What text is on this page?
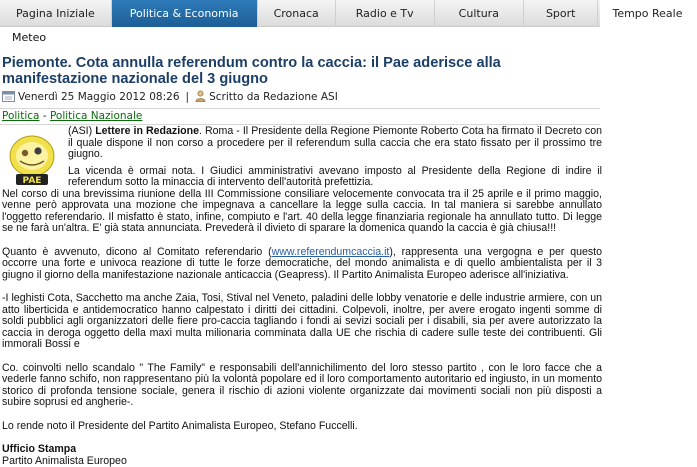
Pagina Iniziale	Politica & Economia	Cronaca	Radio e Tv	Cultura	Sport	Tempo Reale
Meteo
Piemonte. Cota annulla referendum contro la caccia: il Pae aderisce alla manifestazione nazionale del 3 giugno
Venerdì 25 Maggio 2012 08:26 | Scritto da Redazione ASI
Politica - Politica Nazionale
PAE

(ASI) Lettere in Redazione. Roma - Il Presidente della Regione Piemonte Roberto Cota ha firmato il Decreto con il quale dispone il non corso a procedere per il referendum sulla caccia che era stato fissato per il prossimo tre giugno.

La vicenda è ormai nota. I Giudici amministrativi avevano imposto al Presidente della Regione di indire il referendum sotto la minaccia di intervento dell'autorità prefettizia.

Nel corso di una brevissima riunione della III Commissione consiliare velocemente convocata tra il 25 aprile e il primo maggio, venne però approvata una mozione che impegnava a cancellare la legge sulla caccia. In tal maniera si sarebbe annullato l'oggetto referendario. Il misfatto è stato, infine, compiuto e l'art. 40 della legge finanziaria regionale ha annullato tutto. Di legge se ne farà un'altra. E' già stata annunciata. Prevederà il divieto di sparare la domenica quando la caccia è già chiusa!!!

Quanto è avvenuto, dicono al Comitato referendario (www.referendumcaccia.it), rappresenta una vergogna e per questo occorre una forte e univoca reazione di tutte le forze democratiche, del mondo animalista e di quello ambientalista per il 3 giugno il giorno della manifestazione nazionale anticaccia (Geapress). Il Partito Animalista Europeo aderisce all'iniziativa.

-I leghisti Cota, Sacchetto ma anche Zaia, Tosi, Stival nel Veneto, paladini delle lobby venatorie e delle industrie armiere, con un atto liberticida e antidemocratico hanno calpestato i diritti dei cittadini. Colpevoli, inoltre, per avere erogato ingenti somme di soldi pubblici agli organizzatori delle fiere pro-caccia tagliando i fondi ai sevizi sociali per i disabili, sia per avere autorizzato la caccia in deroga oggetto della maxi multa milionaria comminata dalla UE che rischia di cadere sulle teste dei contribuenti. Gli immorali Bossi e

Co. coinvolti nello scandalo " The Family" e responsabili dell'annichilimento del loro stesso partito , con le loro facce che a vederle fanno schifo, non rappresentano più la volontà popolare ed il loro comportamento autoritario ed ingiusto, in un momento storico di profonda tensione sociale, genera il rischio di azioni violente organizzate dai movimenti sociali non più disposti a subire soprusi ed angherie-.

Lo rende noto il Presidente del Partito Animalista Europeo, Stefano Fuccelli.

Ufficio Stampa

Partito Animalista Europeo
